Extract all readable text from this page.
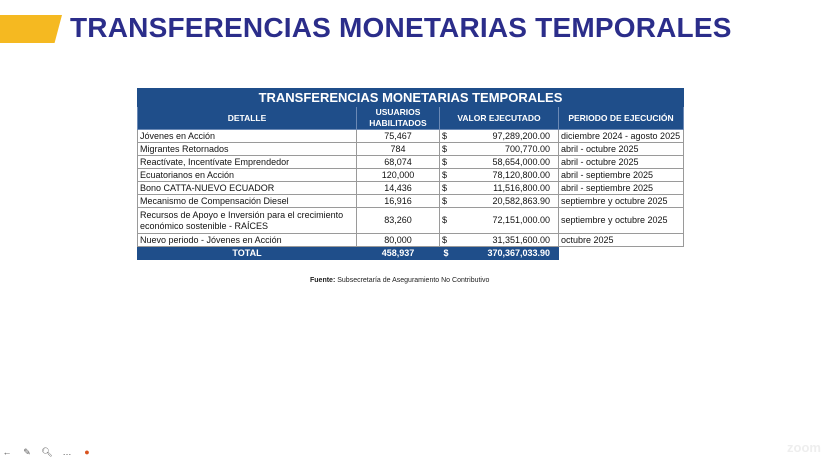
TRANSFERENCIAS MONETARIAS TEMPORALES
TRANSFERENCIAS MONETARIAS TEMPORALES				
DETALLE	USUARIOS HABILITADOS	VALOR EJECUTADO		PERIODO DE EJECUCIÓN
Jóvenes en Acción	75,467	$	97,289,200.00	diciembre 2024 - agosto 2025
Migrantes Retornados	784	$	700,770.00	abril - octubre 2025
Reactívate, Incentívate Emprendedor	68,074	$	58,654,000.00	abril - octubre 2025
Ecuatorianos en Acción	120,000	$	78,120,800.00	abril - septiembre 2025
Bono CATTA-NUEVO ECUADOR	14,436	$	11,516,800.00	abril - septiembre 2025
Mecanismo de Compensación Diesel	16,916	$	20,582,863.90	septiembre y octubre 2025
Recursos de Apoyo e Inversión para el crecimiento económico sostenible - RAÍCES	83,260	$	72,151,000.00	septiembre y octubre 2025
Nuevo periodo - Jóvenes en Acción	80,000	$	31,351,600.00	octubre 2025
TOTAL	458,937	$	370,367,033.90	
Fuente: Subsecretaría de Aseguramiento No Contributivo
← ✎ 🔍︎ … ●	zoom
